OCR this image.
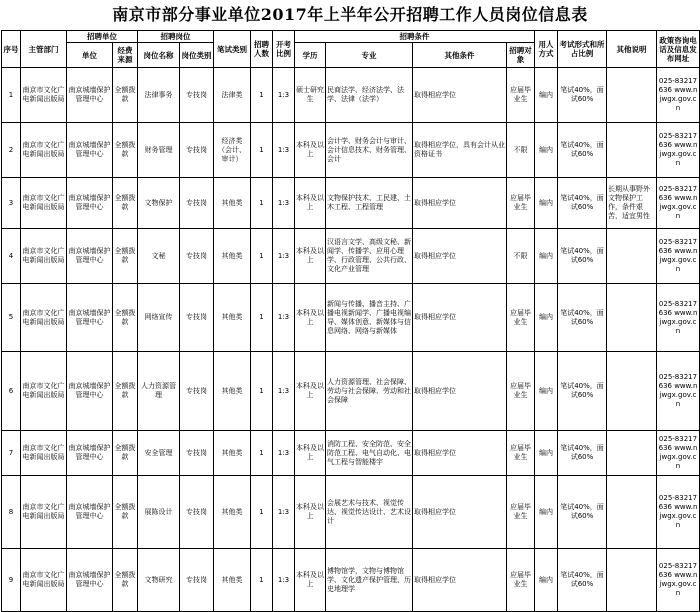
南京市部分事业单位2017年上半年公开招聘工作人员岗位信息表
序号	主管部门	招聘单位		招聘岗位		笔试类别	招聘人数	开考比例	招聘条件				用人方式	考试形式和所占比例	其他说明	政策咨询电话及信息发布网址
		单位	经费来源	岗位名称	岗位类别				学历	专业	其他条件	招聘对象				
1	南京市文化广电新闻出版局	南京城墙保护管理中心	全额拨款	法律事务	专技岗	法律类	1	1:3	硕士研究生	民商法学、经济法学、法学、法律（法学）	取得相应学位	应届毕业生	编内	笔试40%，面试60%		025-83217636 www.njwgx.gov.cn
2	南京市文化广电新闻出版局	南京城墙保护管理中心	全额拨款	财务管理	专技岗	经济类（会计、审计）	1	1:3	本科及以上	会计学、财务会计与审计、会计信息技术、财务管理、会计	取得相应学位，具有会计从业资格证书	不限	编内	笔试40%，面试60%		025-83217636 www.njwgx.gov.cn
3	南京市文化广电新闻出版局	南京城墙保护管理中心	全额拨款	文物保护	专技岗	其他类	1	1:3	本科及以上	文物保护技术、工民建、土木工程、工程管理	取得相应学位	应届毕业生	编内	笔试40%，面试60%	长期从事野外文物保护工作，条件艰苦，适宜男性	025-83217636 www.njwgx.gov.cn
4	南京市文化广电新闻出版局	南京城墙保护管理中心	全额拨款	文秘	专技岗	其他类	1	1:3	本科及以上	汉语言文学、高级文秘、新闻学、传播学、应用心理学、行政管理、公共行政、文化产业管理	取得相应学位	不限	编内	笔试40%，面试60%		025-83217636 www.njwgx.gov.cn
5	南京市文化广电新闻出版局	南京城墙保护管理中心	全额拨款	网络宣传	专技岗	其他类	1	1:3	本科及以上	新闻与传播、播音主持、广播电视新闻学、广播电视编导、媒体创意、新媒体与信息网络、网络与新媒体	取得相应学位	应届毕业生	编内	笔试40%，面试60%		025-83217636 www.njwgx.gov.cn
6	南京市文化广电新闻出版局	南京城墙保护管理中心	全额拨款	人力资源管理	专技岗	其他类	1	1:3	本科及以上	人力资源管理、社会保障、劳动与社会保障、劳动和社会保障	取得相应学位	应届毕业生	编内	笔试40%，面试60%		025-83217636 www.njwgx.gov.cn
7	南京市文化广电新闻出版局	南京城墙保护管理中心	全额拨款	安全管理	专技岗	其他类	1	1:3	本科及以上	消防工程、安全防范、安全防范工程、电气自动化、电气工程与智能楼宇	取得相应学位	应届毕业生	编内	笔试40%，面试60%		025-83217636 www.njwgx.gov.cn
8	南京市文化广电新闻出版局	南京城墙保护管理中心	全额拨款	展陈设计	专技岗	其他类	1	1:3	本科及以上	会展艺术与技术、视觉传达、视觉传达设计、艺术设计	取得相应学位	应届毕业生	编内	笔试40%，面试60%		025-83217636 www.njwgx.gov.cn
9	南京市文化广电新闻出版局	南京城墙保护管理中心	全额拨款	文物研究	专技岗	其他类	1	1:3	本科及以上	博物馆学，文物与博物馆学、文化遗产保护管理、历史地理学	取得相应学位	应届毕业生	编内	笔试40%，面试60%		025-83217636 www.njwgx.gov.cn
